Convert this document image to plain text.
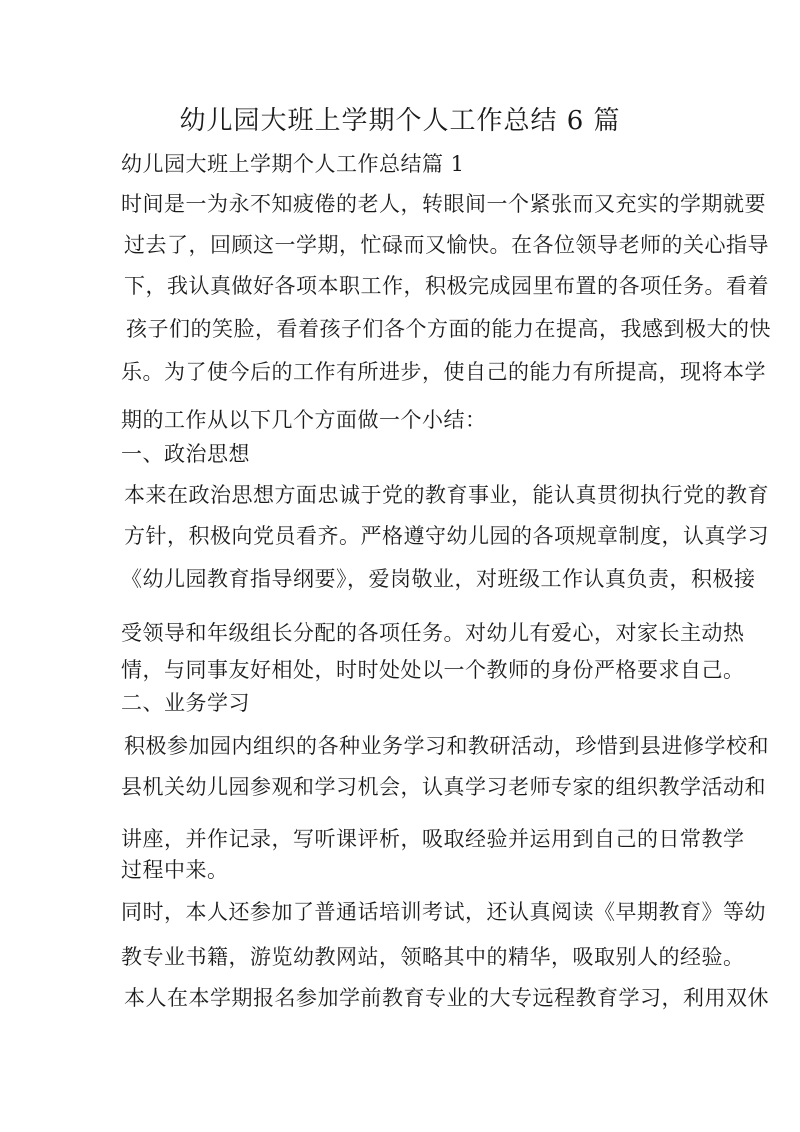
幼儿园大班上学期个人工作总结 6 篇
幼儿园大班上学期个人工作总结篇 1
时间是一为永不知疲倦的老人，转眼间一个紧张而又充实的学期就要
过去了，回顾这一学期，忙碌而又愉快。在各位领导老师的关心指导
下，我认真做好各项本职工作，积极完成园里布置的各项任务。看着
孩子们的笑脸，看着孩子们各个方面的能力在提高，我感到极大的快
乐。为了使今后的工作有所进步，使自己的能力有所提高，现将本学
期的工作从以下几个方面做一个小结：
一、政治思想
本来在政治思想方面忠诚于党的教育事业，能认真贯彻执行党的教育
方针，积极向党员看齐。严格遵守幼儿园的各项规章制度，认真学习
《幼儿园教育指导纲要》，爱岗敬业，对班级工作认真负责，积极接
受领导和年级组长分配的各项任务。对幼儿有爱心，对家长主动热
情，与同事友好相处，时时处处以一个教师的身份严格要求自己。
二、业务学习
积极参加园内组织的各种业务学习和教研活动，珍惜到县进修学校和
县机关幼儿园参观和学习机会，认真学习老师专家的组织教学活动和
讲座，并作记录，写听课评析，吸取经验并运用到自己的日常教学
过程中来。
同时，本人还参加了普通话培训考试，还认真阅读《早期教育》等幼
教专业书籍，游览幼教网站，领略其中的精华，吸取别人的经验。
本人在本学期报名参加学前教育专业的大专远程教育学习，利用双休
